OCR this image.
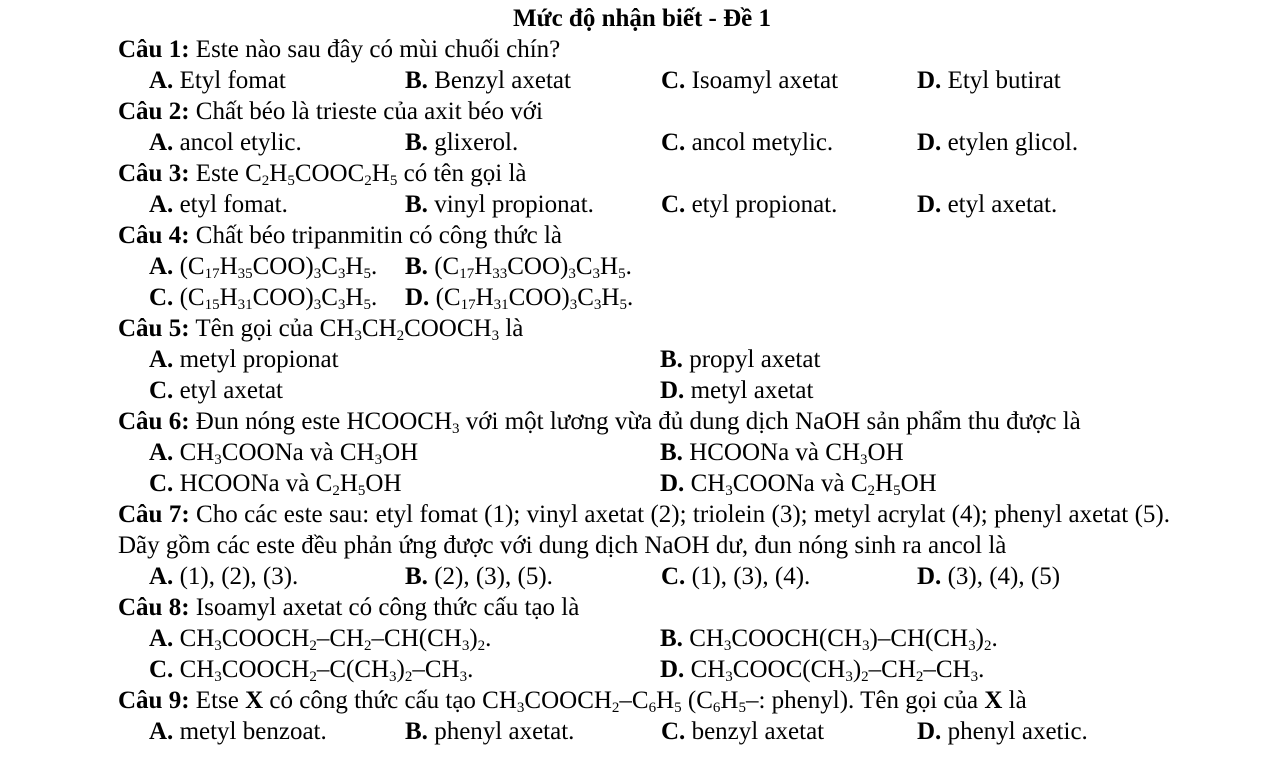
Mức độ nhận biết - Đề 1
Câu 1: Este nào sau đây có mùi chuối chín?
A. Etyl fomat	B. Benzyl axetat	C. Isoamyl axetat	D. Etyl butirat
Câu 2: Chất béo là trieste của axit béo với
A. ancol etylic.	B. glixerol.	C. ancol metylic.	D. etylen glicol.
Câu 3: Este $C_2H_5COOC_2H_5$ có tên gọi là
A. etyl fomat.	B. vinyl propionat.	C. etyl propionat.	D. etyl axetat.
Câu 4: Chất béo tripanmitin có công thức là
A. $(C_{17}H_{35}COO)_3C_3H_5$.	B. $(C_{17}H_{33}COO)_3C_3H_5$.
C. $(C_{15}H_{31}COO)_3C_3H_5$.	D. $(C_{17}H_{31}COO)_3C_3H_5$.
Câu 5: Tên gọi của $CH_3CH_2COOCH_3$ là
A. metyl propionat	B. propyl axetat
C. etyl axetat	D. metyl axetat
Câu 6: Đun nóng este $HCOOCH_3$ với một lương vừa đủ dung dịch NaOH sản phẩm thu được là
A. $CH_3COONa$ và $CH_3OH$	B. HCOONa và $CH_3OH$
C. HCOONa và $C_2H_5OH$	D. $CH_3COONa$ và $C_2H_5OH$
Câu 7: Cho các este sau: etyl fomat (1); vinyl axetat (2); triolein (3); metyl acrylat (4); phenyl axetat (5). Dãy gồm các este đều phản ứng được với dung dịch NaOH dư, đun nóng sinh ra ancol là
A. (1), (2), (3).	B. (2), (3), (5).	C. (1), (3), (4).	D. (3), (4), (5)
Câu 8: Isoamyl axetat có công thức cấu tạo là
A. $CH_3COOCH_2-CH_2-CH(CH_3)_2$.	B. $CH_3COOCH(CH_3)-CH(CH_3)_2$.
C. $CH_3COOCH_2-C(CH_3)_2-CH_3$.	D. $CH_3COOC(CH_3)_2-CH_2-CH_3$.
Câu 9: Etse X có công thức cấu tạo $CH_3COOCH_2-C_6H_5$ ($C_6H_5-$: phenyl). Tên gọi của X là
A. metyl benzoat.	B. phenyl axetat.	C. benzyl axetat	D. phenyl axetic.
